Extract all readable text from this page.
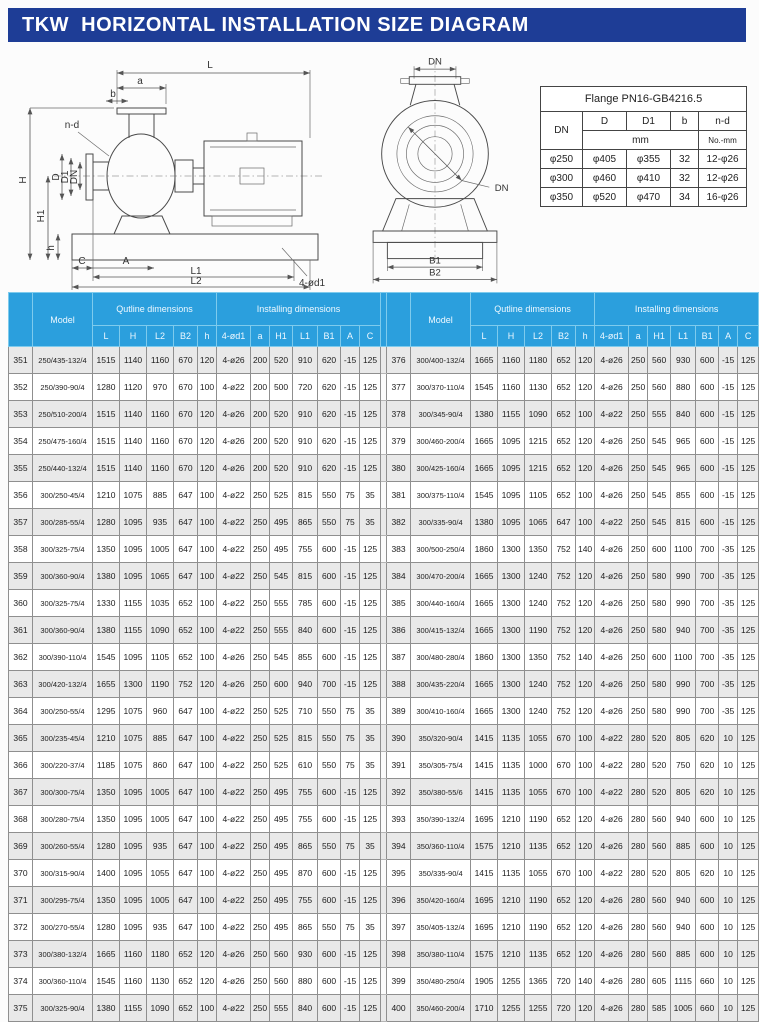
TKW  HORIZONTAL INSTALLATION SIZE DIAGRAM
L
a
b
n-d
H
H1
D
D1
DN
h
C	A
L1
L2	4-ød1
DN
DN
B1
B2
Flange PN16-GB4216.5				
DN	D	D1	b	n-d
	mm			No.-mm
φ250	φ405	φ355	32	12-φ26
φ300	φ460	φ410	32	12-φ26
φ350	φ520	φ470	34	16-φ26
	Model	Qutline dimensions					Installing dimensions									Model	Qutline dimensions					Installing dimensions						
		L	H	L2	B2	h	4-ød1	a	H1	L1	B1	A	C				L	H	L2	B2	h	4-ød1	a	H1	L1	B1	A	C
351	250/435-132/4	1515	1140	1160	670	120	4-ø26	200	520	910	620	-15	125		376	300/400-132/4	1665	1160	1180	652	120	4-ø26	250	560	930	600	-15	125
352	250/390-90/4	1280	1120	970	670	100	4-ø22	200	500	720	620	-15	125		377	300/370-110/4	1545	1160	1130	652	120	4-ø26	250	560	880	600	-15	125
353	250/510-200/4	1515	1140	1160	670	120	4-ø26	200	520	910	620	-15	125		378	300/345-90/4	1380	1155	1090	652	100	4-ø22	250	555	840	600	-15	125
354	250/475-160/4	1515	1140	1160	670	120	4-ø26	200	520	910	620	-15	125		379	300/460-200/4	1665	1095	1215	652	120	4-ø26	250	545	965	600	-15	125
355	250/440-132/4	1515	1140	1160	670	120	4-ø26	200	520	910	620	-15	125		380	300/425-160/4	1665	1095	1215	652	120	4-ø26	250	545	965	600	-15	125
356	300/250-45/4	1210	1075	885	647	100	4-ø22	250	525	815	550	75	35		381	300/375-110/4	1545	1095	1105	652	100	4-ø26	250	545	855	600	-15	125
357	300/285-55/4	1280	1095	935	647	100	4-ø22	250	495	865	550	75	35		382	300/335-90/4	1380	1095	1065	647	100	4-ø22	250	545	815	600	-15	125
358	300/325-75/4	1350	1095	1005	647	100	4-ø22	250	495	755	600	-15	125		383	300/500-250/4	1860	1300	1350	752	140	4-ø26	250	600	1100	700	-35	125
359	300/360-90/4	1380	1095	1065	647	100	4-ø22	250	545	815	600	-15	125		384	300/470-200/4	1665	1300	1240	752	120	4-ø26	250	580	990	700	-35	125
360	300/325-75/4	1330	1155	1035	652	100	4-ø22	250	555	785	600	-15	125		385	300/440-160/4	1665	1300	1240	752	120	4-ø26	250	580	990	700	-35	125
361	300/360-90/4	1380	1155	1090	652	100	4-ø22	250	555	840	600	-15	125		386	300/415-132/4	1665	1300	1190	752	120	4-ø26	250	580	940	700	-35	125
362	300/390-110/4	1545	1095	1105	652	100	4-ø26	250	545	855	600	-15	125		387	300/480-280/4	1860	1300	1350	752	140	4-ø26	250	600	1100	700	-35	125
363	300/420-132/4	1655	1300	1190	752	120	4-ø26	250	600	940	700	-15	125		388	300/435-220/4	1665	1300	1240	752	120	4-ø26	250	580	990	700	-35	125
364	300/250-55/4	1295	1075	960	647	100	4-ø22	250	525	710	550	75	35		389	300/410-160/4	1665	1300	1240	752	120	4-ø26	250	580	990	700	-35	125
365	300/235-45/4	1210	1075	885	647	100	4-ø22	250	525	815	550	75	35		390	350/320-90/4	1415	1135	1055	670	100	4-ø22	280	520	805	620	10	125
366	300/220-37/4	1185	1075	860	647	100	4-ø22	250	525	610	550	75	35		391	350/305-75/4	1415	1135	1000	670	100	4-ø22	280	520	750	620	10	125
367	300/300-75/4	1350	1095	1005	647	100	4-ø22	250	495	755	600	-15	125		392	350/380-55/6	1415	1135	1055	670	100	4-ø22	280	520	805	620	10	125
368	300/280-75/4	1350	1095	1005	647	100	4-ø22	250	495	755	600	-15	125		393	350/390-132/4	1695	1210	1190	652	120	4-ø26	280	560	940	600	10	125
369	300/260-55/4	1280	1095	935	647	100	4-ø22	250	495	865	550	75	35		394	350/360-110/4	1575	1210	1135	652	120	4-ø26	280	560	885	600	10	125
370	300/315-90/4	1400	1095	1055	647	100	4-ø22	250	495	870	600	-15	125		395	350/335-90/4	1415	1135	1055	670	100	4-ø22	280	520	805	620	10	125
371	300/295-75/4	1350	1095	1005	647	100	4-ø22	250	495	755	600	-15	125		396	350/420-160/4	1695	1210	1190	652	120	4-ø26	280	560	940	600	10	125
372	300/270-55/4	1280	1095	935	647	100	4-ø22	250	495	865	550	75	35		397	350/405-132/4	1695	1210	1190	652	120	4-ø26	280	560	940	600	10	125
373	300/380-132/4	1665	1160	1180	652	120	4-ø26	250	560	930	600	-15	125		398	350/380-110/4	1575	1210	1135	652	120	4-ø26	280	560	885	600	10	125
374	300/360-110/4	1545	1160	1130	652	120	4-ø26	250	560	880	600	-15	125		399	350/480-250/4	1905	1255	1365	720	140	4-ø26	280	605	1115	660	10	125
375	300/325-90/4	1380	1155	1090	652	100	4-ø22	250	555	840	600	-15	125		400	350/460-200/4	1710	1255	1255	720	120	4-ø26	280	585	1005	660	10	125
